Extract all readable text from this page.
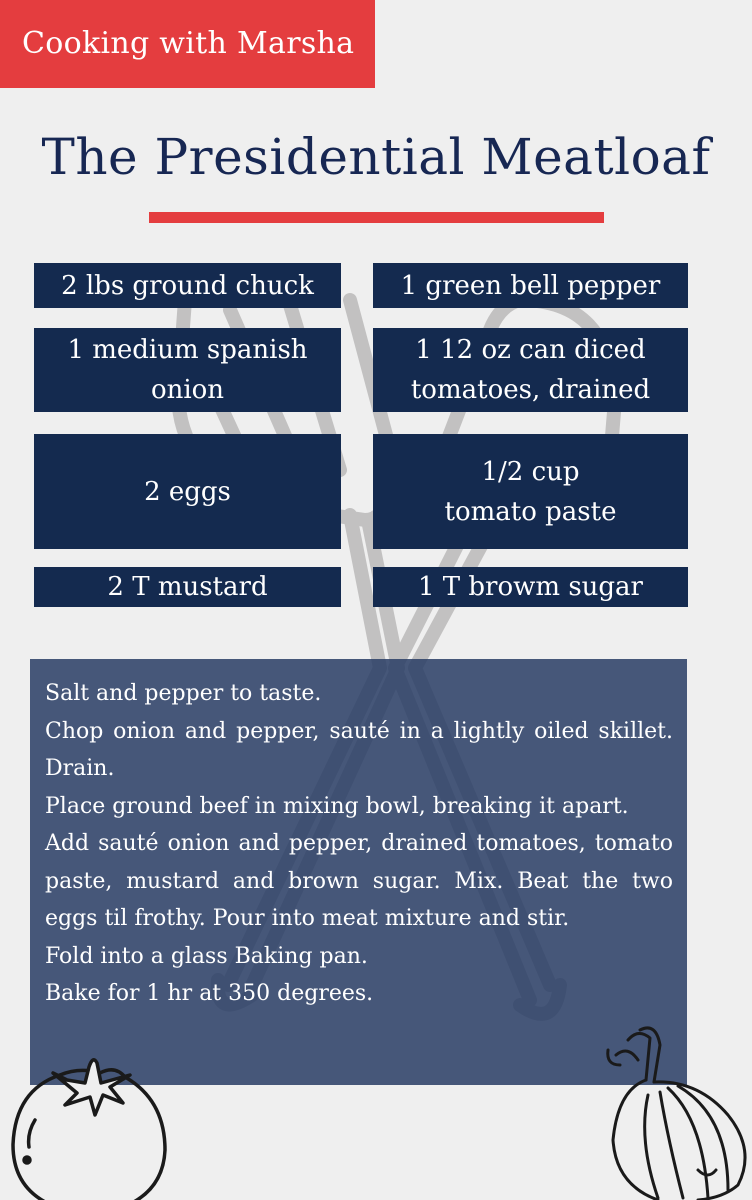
Cooking with Marsha
The Presidential Meatloaf
2 lbs ground chuck	1 green bell pepper
1 medium spanish onion
1 12 oz can diced tomatoes, drained
2 eggs
1/2 cup tomato paste
2 T mustard	1 T browm sugar
Salt and pepper to taste.
Chop onion and pepper, sauté in a lightly oiled skillet. Drain.
Place ground beef in mixing bowl, breaking it apart.
Add sauté onion and pepper, drained tomatoes, tomato paste, mustard and brown sugar. Mix. Beat the two eggs til frothy. Pour into meat mixture and stir.
Fold into a glass Baking pan.
Bake for 1 hr at 350 degrees.
